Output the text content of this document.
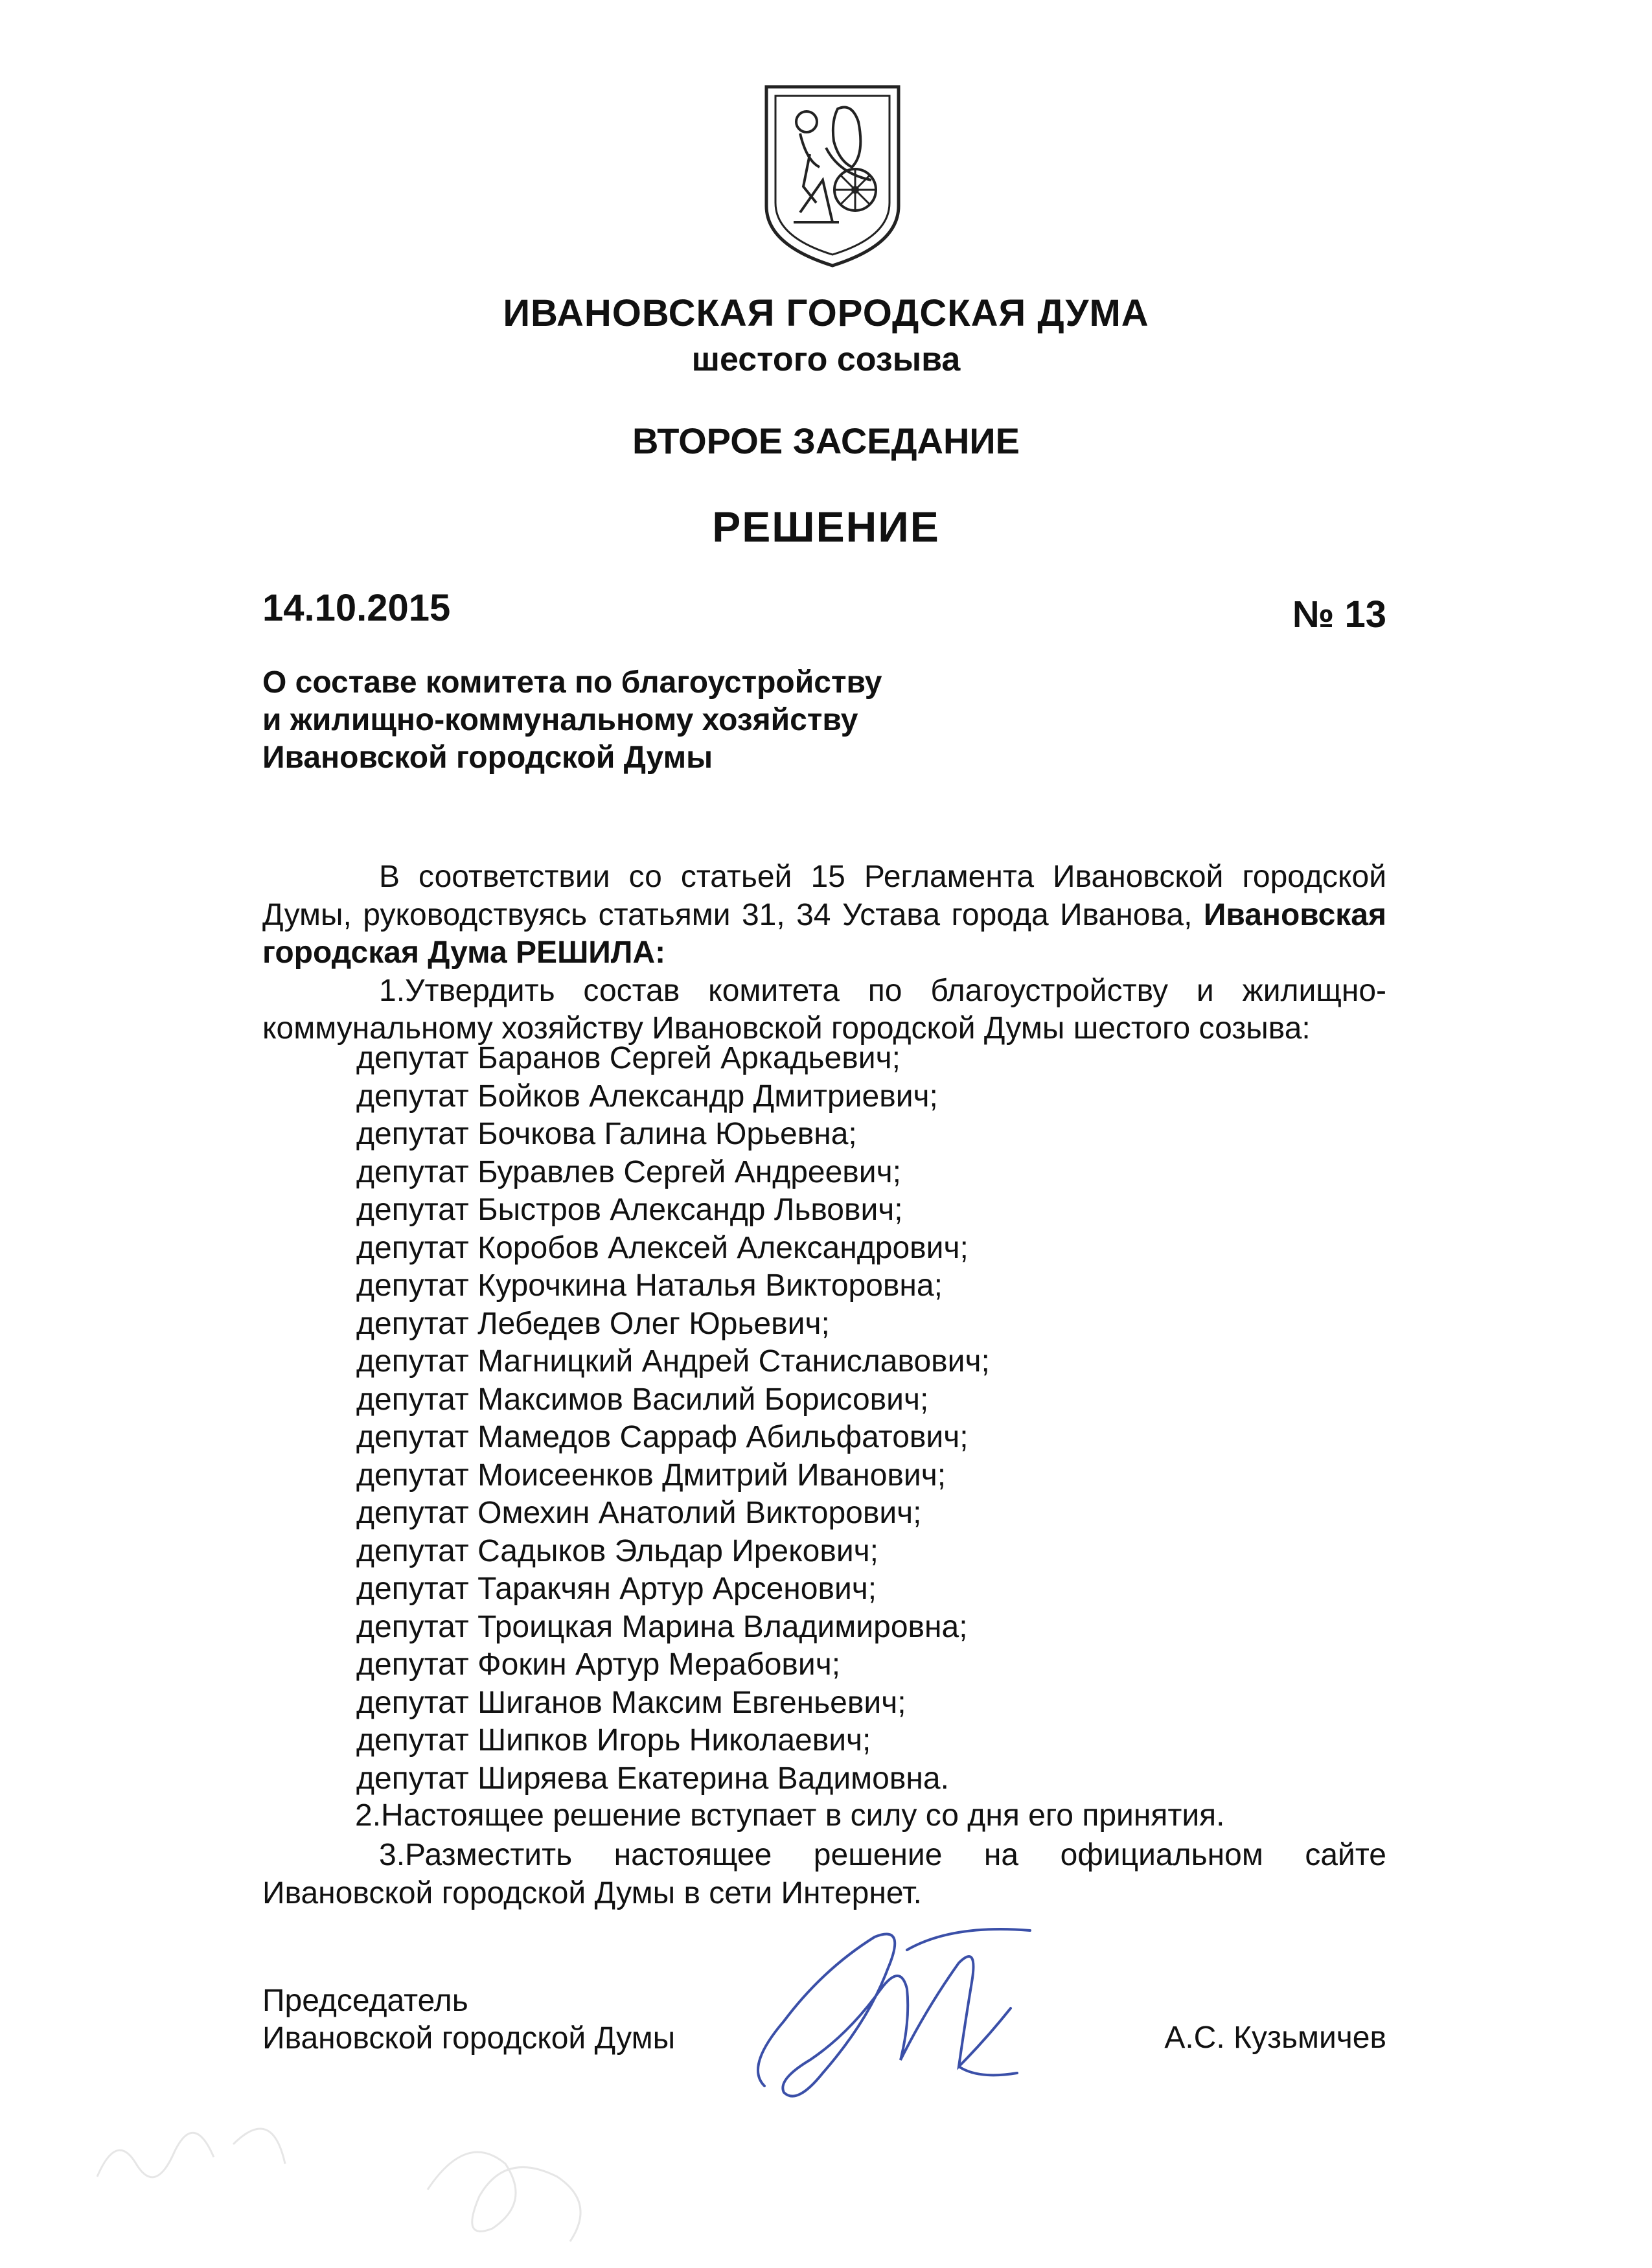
ИВАНОВСКАЯ ГОРОДСКАЯ ДУМА
шестого созыва
ВТОРОЕ ЗАСЕДАНИЕ
РЕШЕНИЕ
14.10.2015	№ 13
О составе комитета по благоустройству
и жилищно-коммунальному хозяйству
Ивановской городской Думы
В соответствии со статьей 15 Регламента Ивановской городской Думы, руководствуясь статьями 31, 34 Устава города Иванова, Ивановская городская Дума РЕШИЛА:
1.Утвердить состав комитета по благоустройству и жилищно-коммунальному хозяйству Ивановской городской Думы шестого созыва:
депутат Баранов Сергей Аркадьевич;
депутат Бойков Александр Дмитриевич;
депутат Бочкова Галина Юрьевна;
депутат Буравлев Сергей Андреевич;
депутат Быстров Александр Львович;
депутат Коробов Алексей Александрович;
депутат Курочкина Наталья Викторовна;
депутат Лебедев Олег Юрьевич;
депутат Магницкий Андрей Станиславович;
депутат Максимов Василий Борисович;
депутат Мамедов Сарраф Абильфатович;
депутат Моисеенков Дмитрий Иванович;
депутат Омехин Анатолий Викторович;
депутат Садыков Эльдар Ирекович;
депутат Таракчян Артур Арсенович;
депутат Троицкая Марина Владимировна;
депутат Фокин Артур Мерабович;
депутат Шиганов Максим Евгеньевич;
депутат Шипков Игорь Николаевич;
депутат Ширяева Екатерина Вадимовна.
2.Настоящее решение вступает в силу со дня его принятия.
3.Разместить настоящее решение на официальном сайте Ивановской городской Думы в сети Интернет.
Председатель
Ивановской городской Думы	А.С. Кузьмичев
